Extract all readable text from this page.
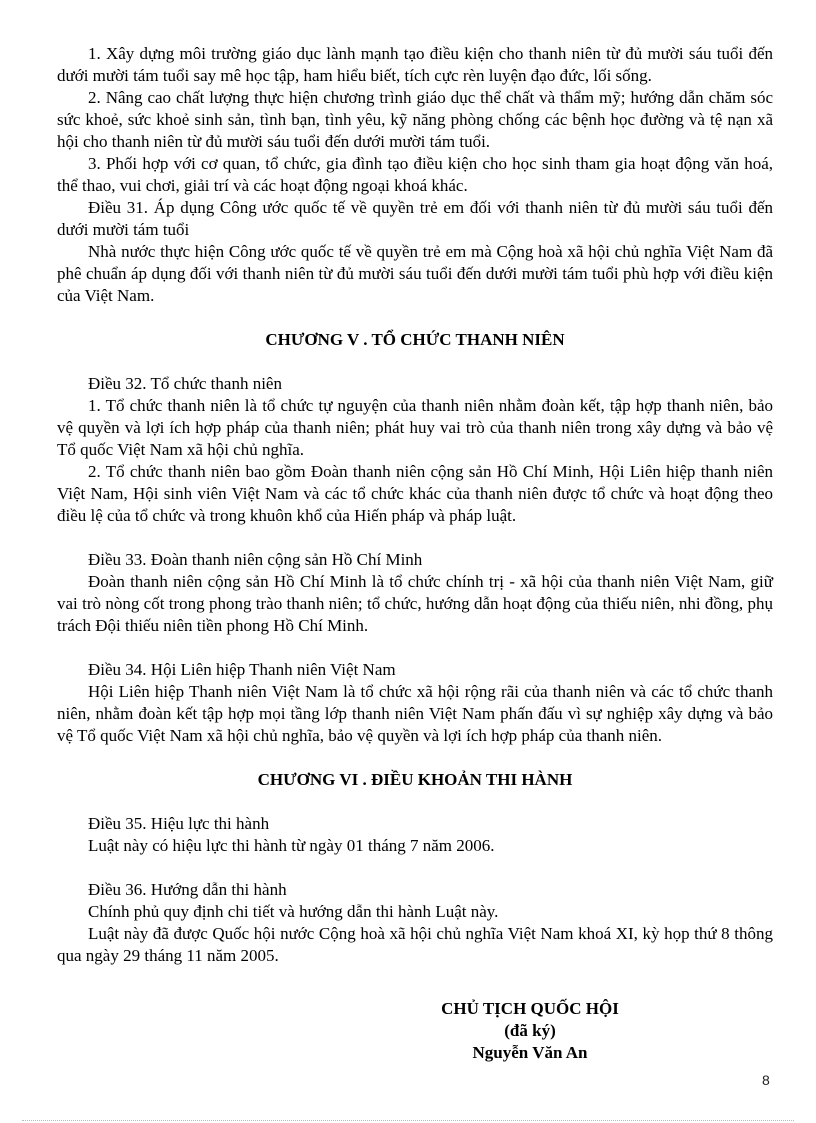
1. Xây dựng môi trường giáo dục lành mạnh tạo điều kiện cho thanh niên từ đủ mười sáu tuổi đến dưới mười tám tuổi say mê học tập, ham hiểu biết, tích cực rèn luyện đạo đức, lối sống.

2. Nâng cao chất lượng thực hiện chương trình giáo dục thể chất và thẩm mỹ; hướng dẫn chăm sóc sức khoẻ, sức khoẻ sinh sản, tình bạn, tình yêu, kỹ năng phòng chống các bệnh học đường và tệ nạn xã hội cho thanh niên từ đủ mười sáu tuổi đến dưới mười tám tuổi.

3. Phối hợp với cơ quan, tổ chức, gia đình tạo điều kiện cho học sinh tham gia hoạt động văn hoá, thể thao, vui chơi, giải trí và các hoạt động ngoại khoá khác.

Điều 31. Áp dụng Công ước quốc tế về quyền trẻ em đối với thanh niên từ đủ mười sáu tuổi đến dưới mười tám tuổi

Nhà nước thực hiện Công ước quốc tế về quyền trẻ em mà Cộng hoà xã hội chủ nghĩa Việt Nam đã phê chuẩn áp dụng đối với thanh niên từ đủ mười sáu tuổi đến dưới mười tám tuổi phù hợp với điều kiện của Việt Nam.

CHƯƠNG V . TỔ CHỨC THANH NIÊN

Điều 32. Tổ chức thanh niên

1. Tổ chức thanh niên là tổ chức tự nguyện của thanh niên nhằm đoàn kết, tập hợp thanh niên, bảo vệ quyền và lợi ích hợp pháp của thanh niên; phát huy vai trò của thanh niên trong xây dựng và bảo vệ Tổ quốc Việt Nam xã hội chủ nghĩa.

2. Tổ chức thanh niên bao gồm Đoàn thanh niên cộng sản Hồ Chí Minh, Hội Liên hiệp thanh niên Việt Nam, Hội sinh viên Việt Nam và các tổ chức khác của thanh niên được tổ chức và hoạt động theo điều lệ của tổ chức và trong khuôn khổ của Hiến pháp và pháp luật.

Điều 33. Đoàn thanh niên cộng sản Hồ Chí Minh

Đoàn thanh niên cộng sản Hồ Chí Minh là tổ chức chính trị - xã hội của thanh niên Việt Nam, giữ vai trò nòng cốt trong phong trào thanh niên; tổ chức, hướng dẫn hoạt động của thiếu niên, nhi đồng, phụ trách Đội thiếu niên tiền phong Hồ Chí Minh.

Điều 34. Hội Liên hiệp Thanh niên Việt Nam

Hội Liên hiệp Thanh niên Việt Nam là tổ chức xã hội rộng rãi của thanh niên và các tổ chức thanh niên, nhằm đoàn kết tập hợp mọi tầng lớp thanh niên Việt Nam phấn đấu vì sự nghiệp xây dựng và bảo vệ Tổ quốc Việt Nam xã hội chủ nghĩa, bảo vệ quyền và lợi ích hợp pháp của thanh niên.

CHƯƠNG VI . ĐIỀU KHOẢN THI HÀNH

Điều 35. Hiệu lực thi hành

Luật này có hiệu lực thi hành từ ngày 01 tháng 7 năm 2006.

Điều 36. Hướng dẫn thi hành

Chính phủ quy định chi tiết và hướng dẫn thi hành Luật này.

Luật này đã được Quốc hội nước Cộng hoà xã hội chủ nghĩa Việt Nam khoá XI, kỳ họp thứ 8 thông qua ngày 29 tháng 11 năm 2005.

CHỦ TỊCH QUỐC HỘI
(đã ký)
Nguyễn Văn An
8
